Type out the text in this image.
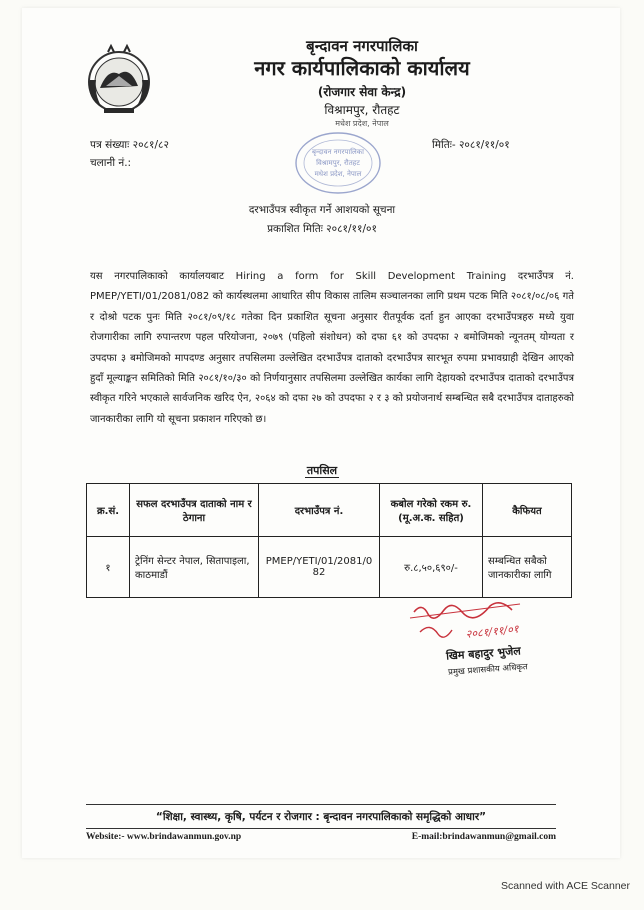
बृन्दावन नगरपालिका
नगर कार्यपालिकाको कार्यालय
(रोजगार सेवा केन्द्र)
विश्रामपुर, रौतहट
मधेश प्रदेश, नेपाल
पत्र संख्याः २०८१/८२
चलानी नं.:
मितिः- २०८१/११/०१
बृन्दावन नगरपालिका
विश्रामपुर, रौतहट
मधेश प्रदेश, नेपाल
दरभाउँपत्र स्वीकृत गर्ने आशयको सूचना
प्रकाशित मितिः २०८१/११/०१
यस नगरपालिकाको कार्यालयबाट Hiring a form for Skill Development Training दरभाउँपत्र नं. PMEP/YETI/01/2081/082 को कार्यस्थलमा आधारित सीप विकास तालिम सञ्चालनका लागि प्रथम पटक मिति २०८१/०८/०६ गते र दोश्रो पटक पुनः मिति २०८१/०९/१८ गतेका दिन प्रकाशित सूचना अनुसार रीतपूर्वक दर्ता हुन आएका दरभाउँपत्रहरु मध्ये युवा रोजगारीका लागि रुपान्तरण पहल परियोजना, २०७९ (पहिलो संशोधन) को दफा ६१ को उपदफा २ बमोजिमको न्यूनतम् योग्यता र उपदफा ३ बमोजिमको मापदण्ड अनुसार तपसिलमा उल्लेखित दरभाउँपत्र दाताको दरभाउँपत्र सारभूत रुपमा प्रभावग्राही देखिन आएको हुदाँ मूल्याङ्कन समितिको मिति २०८१/१०/३० को निर्णयानुसार तपसिलमा उल्लेखित कार्यका लागि देहायको दरभाउँपत्र दाताको दरभाउँपत्र स्वीकृत गरिने भएकाले सार्वजनिक खरिद ऐन, २०६४ को दफा २७ को उपदफा २ र ३ को प्रयोजनार्थ सम्बन्धित सबै दरभाउँपत्र दाताहरुको जानकारीका लागि यो सूचना प्रकाशन गरिएको छ।
तपसिल
क्र.सं.	सफल दरभाउँपत्र दाताको नाम र ठेगाना	दरभाउँपत्र नं.	कबोल गरेको रकम रु. (मू.अ.क. सहित)	कैफियत
१	ट्रेनिंग सेन्टर नेपाल, सितापाइला, काठमाडौं	PMEP/YETI/01/2081/082	रु.८,५०,६९०/-	सम्बन्धित सबैको जानकारीका लागि
२०८१/११/०१
खिम बहादुर भुजेल
प्रमुख प्रशासकीय अधिकृत
“शिक्षा, स्वास्थ्य, कृषि, पर्यटन र रोजगार : बृन्दावन नगरपालिकाको समृद्धिको आधार”
Website:- www.brindawanmun.gov.np	E-mail:brindawanmun@gmail.com
Scanned with ACE Scanner
